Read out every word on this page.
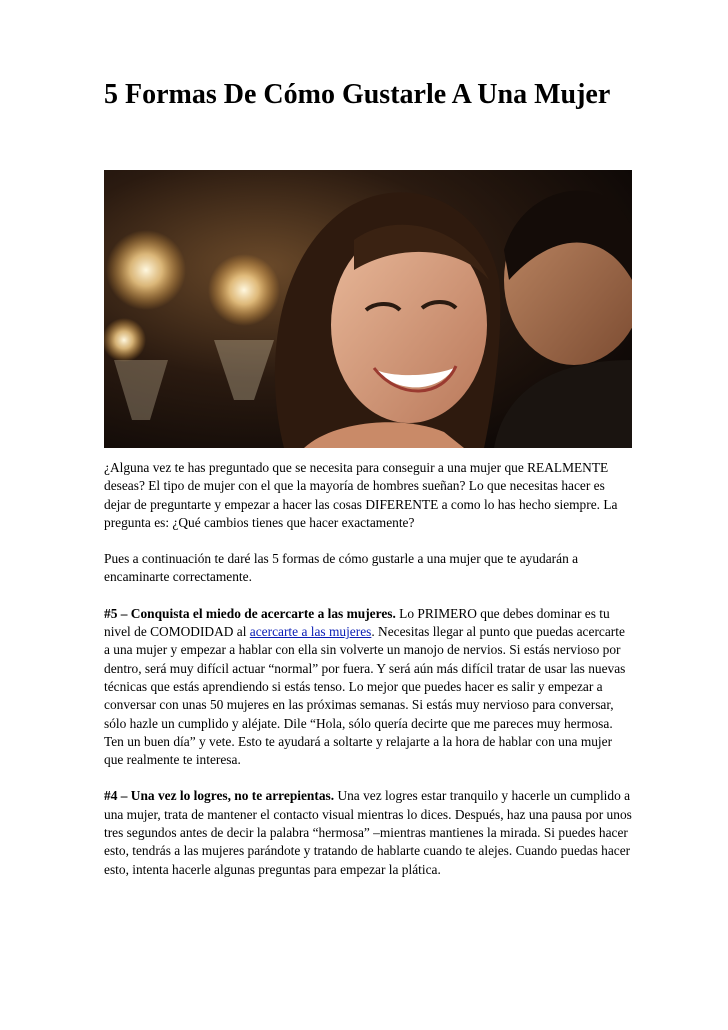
5 Formas De Cómo Gustarle A Una Mujer

¿Alguna vez te has preguntado que se necesita para conseguir a una mujer que REALMENTE deseas? El tipo de mujer con el que la mayoría de hombres sueñan? Lo que necesitas hacer es dejar de preguntarte y empezar a hacer las cosas DIFERENTE a como lo has hecho siempre. La pregunta es: ¿Qué cambios tienes que hacer exactamente?

Pues a continuación te daré las 5 formas de cómo gustarle a una mujer que te ayudarán a encaminarte correctamente.

#5 – Conquista el miedo de acercarte a las mujeres. Lo PRIMERO que debes dominar es tu nivel de COMODIDAD al acercarte a las mujeres. Necesitas llegar al punto que puedas acercarte a una mujer y empezar a hablar con ella sin volverte un manojo de nervios. Si estás nervioso por dentro, será muy difícil actuar “normal” por fuera. Y será aún más difícil tratar de usar las nuevas técnicas que estás aprendiendo si estás tenso. Lo mejor que puedes hacer es salir y empezar a conversar con unas 50 mujeres en las próximas semanas. Si estás muy nervioso para conversar, sólo hazle un cumplido y aléjate. Dile “Hola, sólo quería decirte que me pareces muy hermosa. Ten un buen día” y vete. Esto te ayudará a soltarte y relajarte a la hora de hablar con una mujer que realmente te interesa.

#4 – Una vez lo logres, no te arrepientas. Una vez logres estar tranquilo y hacerle un cumplido a una mujer, trata de mantener el contacto visual mientras lo dices. Después, haz una pausa por unos tres segundos antes de decir la palabra “hermosa” –mientras mantienes la mirada. Si puedes hacer esto, tendrás a las mujeres parándote y tratando de hablarte cuando te alejes. Cuando puedas hacer esto, intenta hacerle algunas preguntas para empezar la plática.
